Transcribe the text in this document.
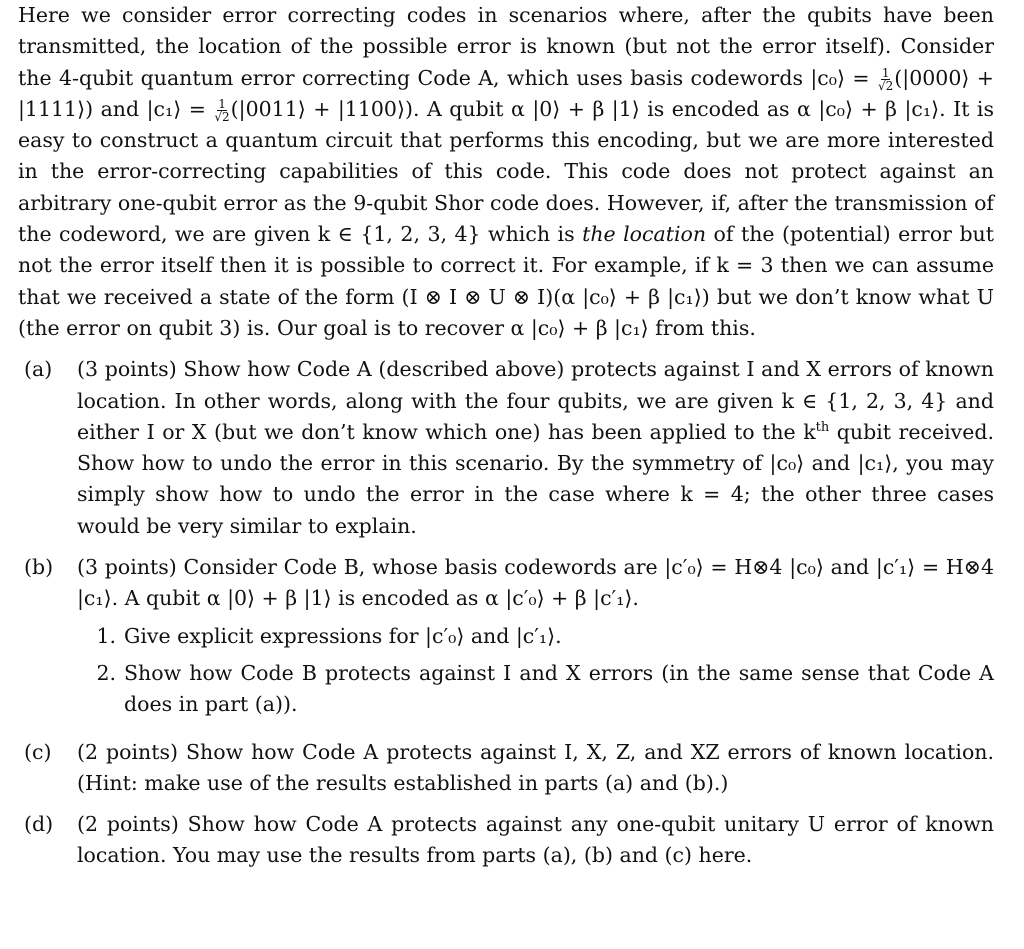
Here we consider error correcting codes in scenarios where, after the qubits have been transmitted, the location of the possible error is known (but not the error itself). Consider the 4-qubit quantum error correcting Code A, which uses basis codewords |c₀⟩ = $\frac{1}{√2}$ (|0000⟩ + |1111⟩) and |c₁⟩ = $\frac{1}{√2}$ (|0011⟩ + |1100⟩). A qubit α |0⟩ + β |1⟩ is encoded as α |c₀⟩ + β |c₁⟩. It is easy to construct a quantum circuit that performs this encoding, but we are more interested in the error-correcting capabilities of this code. This code does not protect against an arbitrary one-qubit error as the 9-qubit Shor code does. However, if, after the transmission of the codeword, we are given k ∈ {1, 2, 3, 4} which is the location of the (potential) error but not the error itself then it is possible to correct it. For example, if k = 3 then we can assume that we received a state of the form (I ⊗ I ⊗ U ⊗ I)(α |c₀⟩ + β |c₁⟩) but we don’t know what U (the error on qubit 3) is. Our goal is to recover α |c₀⟩ + β |c₁⟩ from this.

(a)	(3 points) Show how Code A (described above) protects against I and X errors of known location. In other words, along with the four qubits, we are given k ∈ {1, 2, 3, 4} and either I or X (but we don’t know which one) has been applied to the $k^{th}$ qubit received. Show how to undo the error in this scenario. By the symmetry of |c₀⟩ and |c₁⟩, you may simply show how to undo the error in the case where k = 4; the other three cases would be very similar to explain.
(b)	(3 points) Consider Code B, whose basis codewords are |c′₀⟩ = H⊗4 |c₀⟩ and |c′₁⟩ = H⊗4 |c₁⟩. A qubit α |0⟩ + β |1⟩ is encoded as α |c′₀⟩ + β |c′₁⟩.
1. Give explicit expressions for |c′₀⟩ and |c′₁⟩.
2. Show how Code B protects against I and X errors (in the same sense that Code A does in part (a)).
(c)	(2 points) Show how Code A protects against I, X, Z, and XZ errors of known location. (Hint: make use of the results established in parts (a) and (b).)
(d)	(2 points) Show how Code A protects against any one-qubit unitary U error of known location. You may use the results from parts (a), (b) and (c) here.
